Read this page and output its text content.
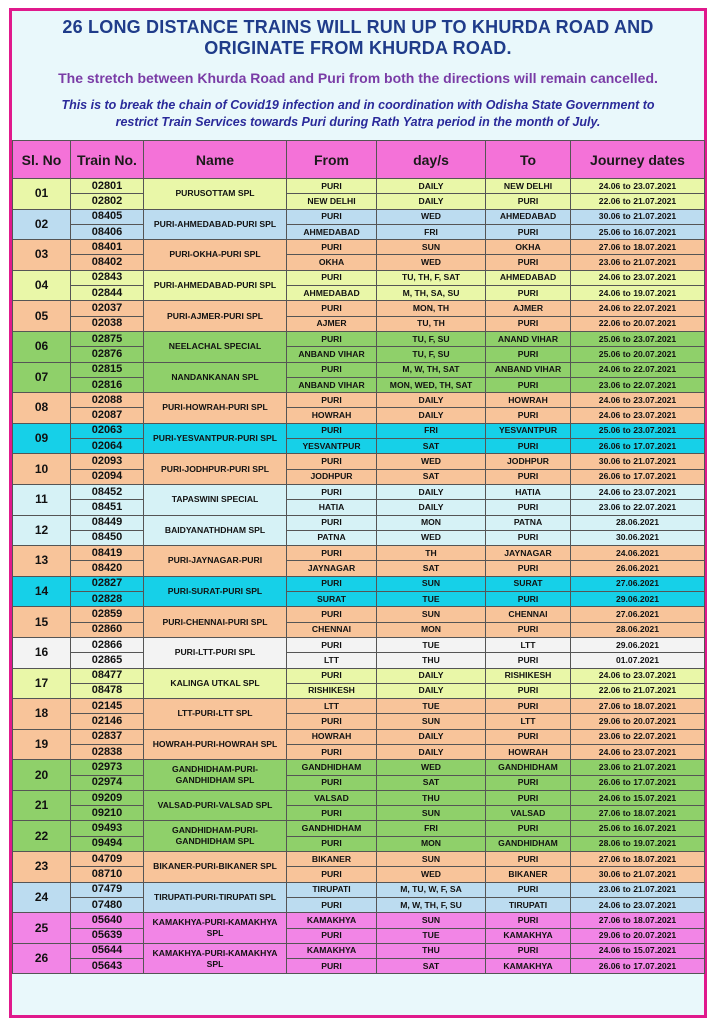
26 LONG DISTANCE TRAINS WILL RUN UP TO KHURDA ROAD AND
ORIGINATE FROM KHURDA ROAD.
The stretch between Khurda Road and Puri from both the directions will remain cancelled.
This is to break the chain of Covid19 infection and in coordination with Odisha State Government to
restrict Train Services towards Puri during Rath Yatra period in the month of July.
Sl. No	Train No.	Name	From	day/s	To	Journey dates
01	02801	PURUSOTTAM SPL	PURI	DAILY	NEW DELHI	24.06 to 23.07.2021
	02802		NEW DELHI	DAILY	PURI	22.06 to 21.07.2021
02	08405	PURI-AHMEDABAD-PURI SPL	PURI	WED	AHMEDABAD	30.06 to 21.07.2021
	08406		AHMEDABAD	FRI	PURI	25.06 to 16.07.2021
03	08401	PURI-OKHA-PURI SPL	PURI	SUN	OKHA	27.06 to 18.07.2021
	08402		OKHA	WED	PURI	23.06 to 21.07.2021
04	02843	PURI-AHMEDABAD-PURI SPL	PURI	TU, TH, F, SAT	AHMEDABAD	24.06 to 23.07.2021
	02844		AHMEDABAD	M, TH, SA, SU	PURI	24.06 to 19.07.2021
05	02037	PURI-AJMER-PURI SPL	PURI	MON, TH	AJMER	24.06 to 22.07.2021
	02038		AJMER	TU, TH	PURI	22.06 to 20.07.2021
06	02875	NEELACHAL SPECIAL	PURI	TU, F, SU	ANAND VIHAR	25.06 to 23.07.2021
	02876		ANBAND VIHAR	TU, F, SU	PURI	25.06 to 20.07.2021
07	02815	NANDANKANAN SPL	PURI	M, W, TH, SAT	ANBAND VIHAR	24.06 to 22.07.2021
	02816		ANBAND VIHAR	MON, WED, TH, SAT	PURI	23.06 to 22.07.2021
08	02088	PURI-HOWRAH-PURI SPL	PURI	DAILY	HOWRAH	24.06 to 23.07.2021
	02087		HOWRAH	DAILY	PURI	24.06 to 23.07.2021
09	02063	PURI-YESVANTPUR-PURI SPL	PURI	FRI	YESVANTPUR	25.06 to 23.07.2021
	02064		YESVANTPUR	SAT	PURI	26.06 to 17.07.2021
10	02093	PURI-JODHPUR-PURI SPL	PURI	WED	JODHPUR	30.06 to 21.07.2021
	02094		JODHPUR	SAT	PURI	26.06 to 17.07.2021
11	08452	TAPASWINI SPECIAL	PURI	DAILY	HATIA	24.06 to 23.07.2021
	08451		HATIA	DAILY	PURI	23.06 to 22.07.2021
12	08449	BAIDYANATHDHAM SPL	PURI	MON	PATNA	28.06.2021
	08450		PATNA	WED	PURI	30.06.2021
13	08419	PURI-JAYNAGAR-PURI	PURI	TH	JAYNAGAR	24.06.2021
	08420		JAYNAGAR	SAT	PURI	26.06.2021
14	02827	PURI-SURAT-PURI SPL	PURI	SUN	SURAT	27.06.2021
	02828		SURAT	TUE	PURI	29.06.2021
15	02859	PURI-CHENNAI-PURI SPL	PURI	SUN	CHENNAI	27.06.2021
	02860		CHENNAI	MON	PURI	28.06.2021
16	02866	PURI-LTT-PURI SPL	PURI	TUE	LTT	29.06.2021
	02865		LTT	THU	PURI	01.07.2021
17	08477	KALINGA UTKAL SPL	PURI	DAILY	RISHIKESH	24.06 to 23.07.2021
	08478		RISHIKESH	DAILY	PURI	22.06 to 21.07.2021
18	02145	LTT-PURI-LTT SPL	LTT	TUE	PURI	27.06 to 18.07.2021
	02146		PURI	SUN	LTT	29.06 to 20.07.2021
19	02837	HOWRAH-PURI-HOWRAH SPL	HOWRAH	DAILY	PURI	23.06 to 22.07.2021
	02838		PURI	DAILY	HOWRAH	24.06 to 23.07.2021
20	02973	GANDHIDHAM-PURI-GANDHIDHAM SPL	GANDHIDHAM	WED	GANDHIDHAM	23.06 to 21.07.2021
	02974		PURI	SAT	PURI	26.06 to 17.07.2021
21	09209	VALSAD-PURI-VALSAD SPL	VALSAD	THU	PURI	24.06 to 15.07.2021
	09210		PURI	SUN	VALSAD	27.06 to 18.07.2021
22	09493	GANDHIDHAM-PURI-GANDHIDHAM SPL	GANDHIDHAM	FRI	PURI	25.06 to 16.07.2021
	09494		PURI	MON	GANDHIDHAM	28.06 to 19.07.2021
23	04709	BIKANER-PURI-BIKANER SPL	BIKANER	SUN	PURI	27.06 to 18.07.2021
	08710		PURI	WED	BIKANER	30.06 to 21.07.2021
24	07479	TIRUPATI-PURI-TIRUPATI SPL	TIRUPATI	M, TU, W, F, SA	PURI	23.06 to 21.07.2021
	07480		PURI	M, W, TH, F, SU	TIRUPATI	24.06 to 23.07.2021
25	05640	KAMAKHYA-PURI-KAMAKHYA SPL	KAMAKHYA	SUN	PURI	27.06 to 18.07.2021
	05639		PURI	TUE	KAMAKHYA	29.06 to 20.07.2021
26	05644	KAMAKHYA-PURI-KAMAKHYA SPL	KAMAKHYA	THU	PURI	24.06 to 15.07.2021
	05643		PURI	SAT	KAMAKHYA	26.06 to 17.07.2021
